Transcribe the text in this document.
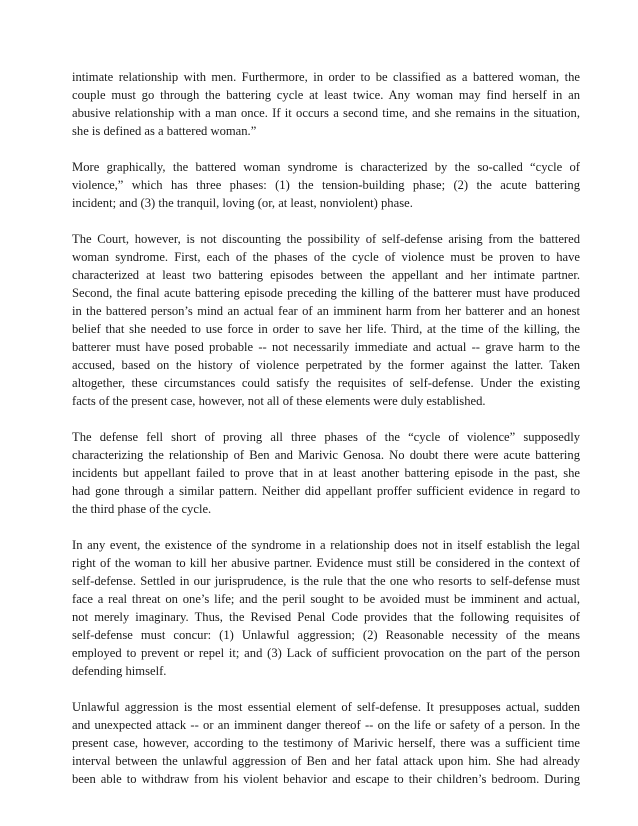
intimate relationship with men. Furthermore, in order to be classified as a battered woman, the
couple must go through the battering cycle at least twice. Any woman may find herself in an
abusive relationship with a man once. If it occurs a second time, and she remains in the situation,
she is defined as a battered woman.”

More graphically, the battered woman syndrome is characterized by the so-called “cycle of
violence,” which has three phases: (1) the tension-building phase; (2) the acute battering
incident; and (3) the tranquil, loving (or, at least, nonviolent) phase.

The Court, however, is not discounting the possibility of self-defense arising from the battered
woman syndrome. First, each of the phases of the cycle of violence must be proven to have
characterized at least two battering episodes between the appellant and her intimate partner.
Second, the final acute battering episode preceding the killing of the batterer must have produced
in the battered person’s mind an actual fear of an imminent harm from her batterer and an honest
belief that she needed to use force in order to save her life. Third, at the time of the killing, the
batterer must have posed probable -- not necessarily immediate and actual -- grave harm to the
accused, based on the history of violence perpetrated by the former against the latter. Taken
altogether, these circumstances could satisfy the requisites of self-defense. Under the existing
facts of the present case, however, not all of these elements were duly established.

The defense fell short of proving all three phases of the “cycle of violence” supposedly
characterizing the relationship of Ben and Marivic Genosa. No doubt there were acute battering
incidents but appellant failed to prove that in at least another battering episode in the past, she
had gone through a similar pattern. Neither did appellant proffer sufficient evidence in regard to
the third phase of the cycle.

In any event, the existence of the syndrome in a relationship does not in itself establish the legal
right of the woman to kill her abusive partner. Evidence must still be considered in the context of
self-defense. Settled in our jurisprudence, is the rule that the one who resorts to self-defense must
face a real threat on one’s life; and the peril sought to be avoided must be imminent and actual,
not merely imaginary. Thus, the Revised Penal Code provides that the following requisites of
self-defense must concur: (1) Unlawful aggression; (2) Reasonable necessity of the means
employed to prevent or repel it; and (3) Lack of sufficient provocation on the part of the person
defending himself.

Unlawful aggression is the most essential element of self-defense. It presupposes actual, sudden
and unexpected attack -- or an imminent danger thereof -- on the life or safety of a person. In the
present case, however, according to the testimony of Marivic herself, there was a sufficient time
interval between the unlawful aggression of Ben and her fatal attack upon him. She had already
been able to withdraw from his violent behavior and escape to their children’s bedroom. During
